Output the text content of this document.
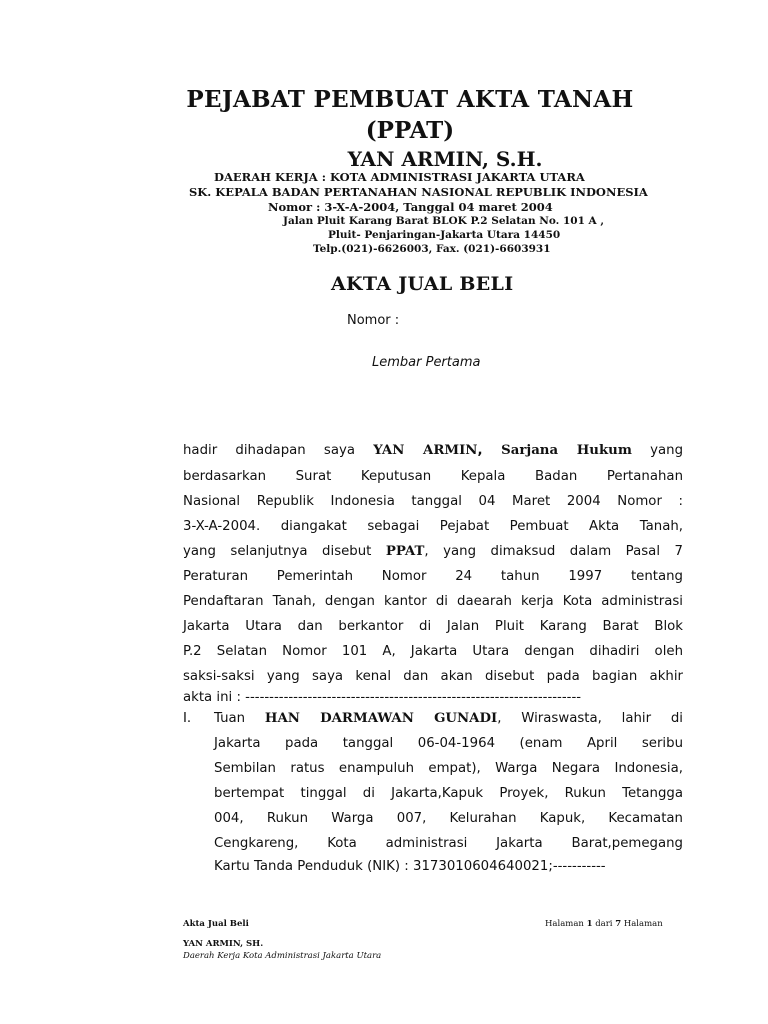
PEJABAT PEMBUAT AKTA TANAH
(PPAT)
YAN ARMIN, S.H.
DAERAH KERJA : KOTA ADMINISTRASI JAKARTA UTARA
SK. KEPALA BADAN PERTANAHAN NASIONAL REPUBLIK INDONESIA
Nomor : 3-X-A-2004, Tanggal 04 maret 2004
Jalan Pluit Karang Barat BLOK P.2 Selatan No. 101 A ,
Pluit- Penjaringan-Jakarta Utara 14450
Telp.(021)-6626003, Fax. (021)-6603931
AKTA JUAL BELI
Nomor :
Lembar Pertama
hadir dihadapan saya YAN ARMIN, Sarjana Hukum yang
berdasarkan Surat Keputusan Kepala Badan Pertanahan
Nasional Republik Indonesia tanggal 04 Maret 2004 Nomor :
3-X-A-2004. diangakat sebagai Pejabat Pembuat Akta Tanah,
yang selanjutnya disebut PPAT, yang dimaksud dalam Pasal 7
Peraturan Pemerintah Nomor 24 tahun 1997 tentang
Pendaftaran Tanah, dengan kantor di daearah kerja Kota administrasi
Jakarta Utara dan berkantor di Jalan Pluit Karang Barat Blok
P.2 Selatan Nomor 101 A, Jakarta Utara dengan dihadiri oleh
saksi-saksi yang saya kenal dan akan disebut pada bagian akhir
akta ini : ----------------------------------------------------------------------
I. Tuan HAN DARMAWAN GUNADI, Wiraswasta, lahir di
Jakarta pada tanggal 06-04-1964 (enam April seribu
Sembilan ratus enampuluh empat), Warga Negara Indonesia,
bertempat tinggal di Jakarta,Kapuk Proyek, Rukun Tetangga
004, Rukun Warga 007, Kelurahan Kapuk, Kecamatan
Cengkareng, Kota administrasi Jakarta Barat,pemegang
Kartu Tanda Penduduk (NIK) : 3173010604640021;-----------
Akta Jual Beli	Halaman 1 dari 7 Halaman
YAN ARMIN, SH.
Daerah Kerja Kota Administrasi Jakarta Utara
